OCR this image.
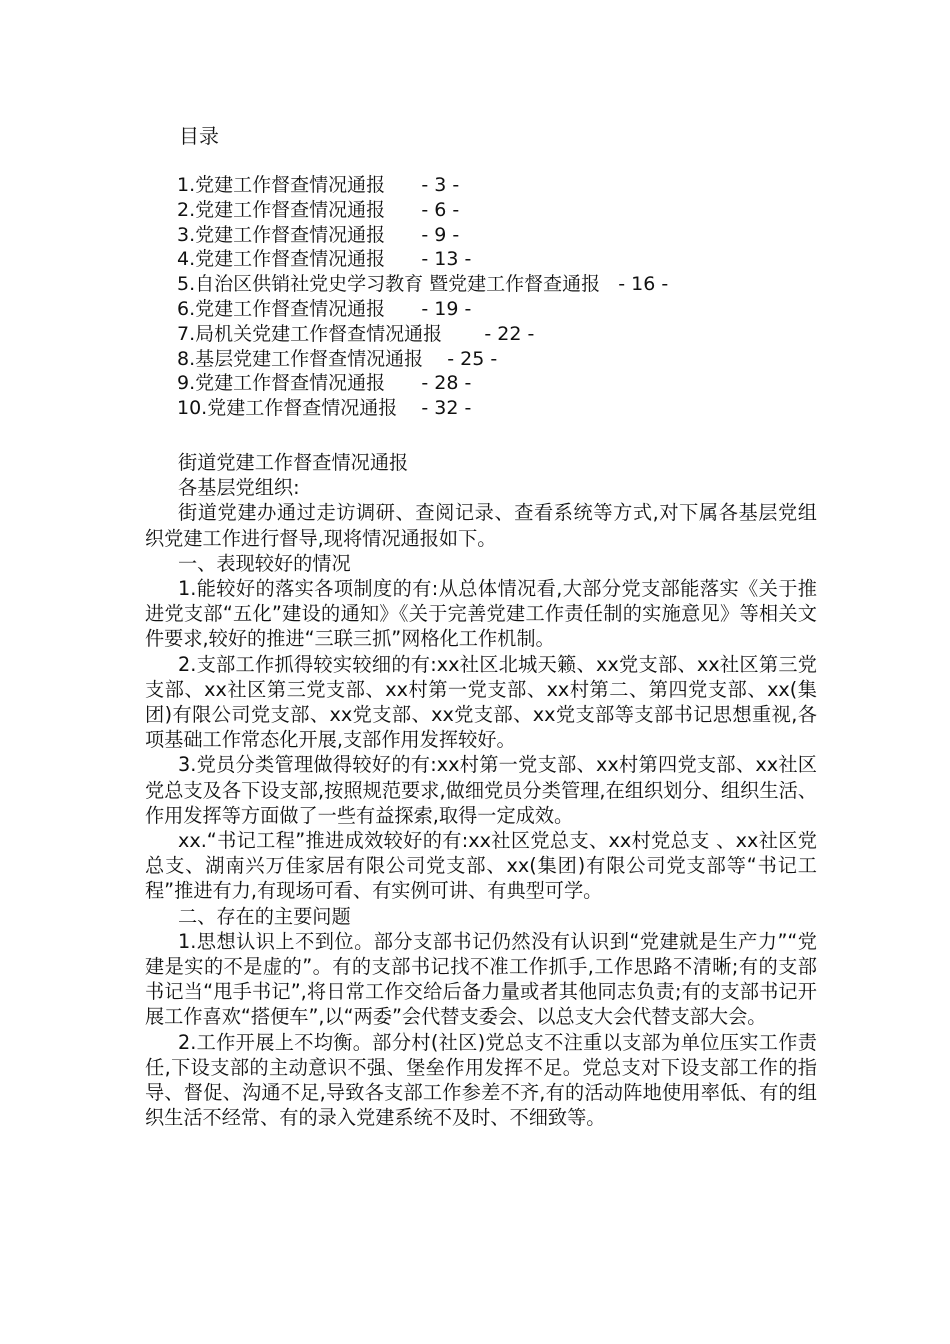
目录
1.党建工作督查情况通报      - 3 -
2.党建工作督查情况通报      - 6 -
3.党建工作督查情况通报      - 9 -
4.党建工作督查情况通报      - 13 -
5.自治区供销社党史学习教育 暨党建工作督查通报   - 16 -
6.党建工作督查情况通报      - 19 -
7.局机关党建工作督查情况通报       - 22 -
8.基层党建工作督查情况通报    - 25 -
9.党建工作督查情况通报      - 28 -
10.党建工作督查情况通报    - 32 -

街道党建工作督查情况通报

各基层党组织:

街道党建办通过走访调研、查阅记录、查看系统等方式,对下属各基层党组织党建工作进行督导,现将情况通报如下。

一、表现较好的情况

1.能较好的落实各项制度的有:从总体情况看,大部分党支部能落实《关于推进党支部“五化”建设的通知》《关于完善党建工作责任制的实施意见》等相关文件要求,较好的推进“三联三抓”网格化工作机制。

2.支部工作抓得较实较细的有:xx社区北城天籁、xx党支部、xx社区第三党支部、xx社区第三党支部、xx村第一党支部、xx村第二、第四党支部、xx(集团)有限公司党支部、xx党支部、xx党支部、xx党支部等支部书记思想重视,各项基础工作常态化开展,支部作用发挥较好。

3.党员分类管理做得较好的有:xx村第一党支部、xx村第四党支部、xx社区党总支及各下设支部,按照规范要求,做细党员分类管理,在组织划分、组织生活、作用发挥等方面做了一些有益探索,取得一定成效。

xx.“书记工程”推进成效较好的有:xx社区党总支、xx村党总支 、xx社区党总支、湖南兴万佳家居有限公司党支部、xx(集团)有限公司党支部等“书记工程”推进有力,有现场可看、有实例可讲、有典型可学。

二、存在的主要问题

1.思想认识上不到位。部分支部书记仍然没有认识到“党建就是生产力”“党建是实的不是虚的”。有的支部书记找不准工作抓手,工作思路不清晰;有的支部书记当“甩手书记”,将日常工作交给后备力量或者其他同志负责;有的支部书记开展工作喜欢“搭便车”,以“两委”会代替支委会、以总支大会代替支部大会。

2.工作开展上不均衡。部分村(社区)党总支不注重以支部为单位压实工作责任,下设支部的主动意识不强、堡垒作用发挥不足。党总支对下设支部工作的指导、督促、沟通不足,导致各支部工作参差不齐,有的活动阵地使用率低、有的组织生活不经常、有的录入党建系统不及时、不细致等。
